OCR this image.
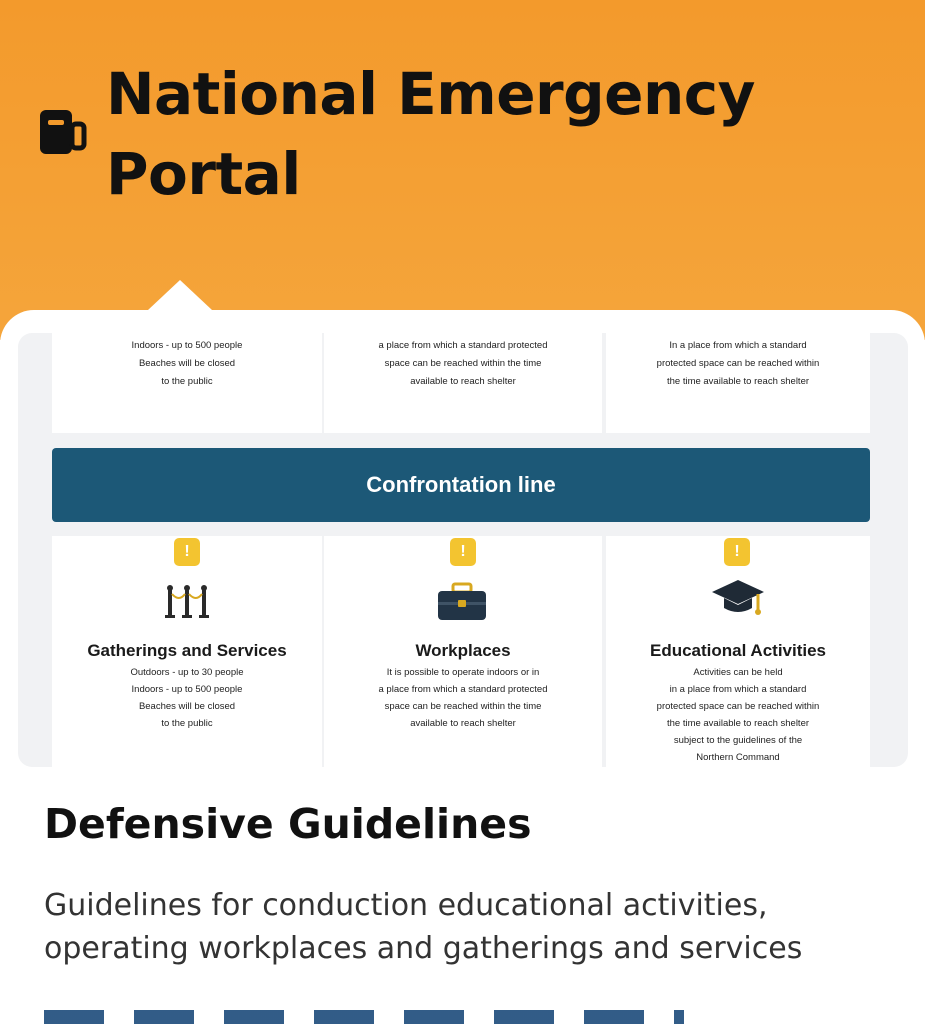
National Emergency Portal
Indoors - up to 500 people
Beaches will be closed
to the public
a place from which a standard protected
space can be reached within the time
available to reach shelter
In a place from which a standard
protected space can be reached within
the time available to reach shelter
Confrontation line
!
Gatherings and Services
Outdoors - up to 30 people
Indoors - up to 500 people
Beaches will be closed
to the public
!
Workplaces
It is possible to operate indoors or in
a place from which a standard protected
space can be reached within the time
available to reach shelter
!
Educational Activities
Activities can be held
in a place from which a standard
protected space can be reached within
the time available to reach shelter
subject to the guidelines of the
Northern Command
Defensive Guidelines
Guidelines for conduction educational activities, operating workplaces and gatherings and services
